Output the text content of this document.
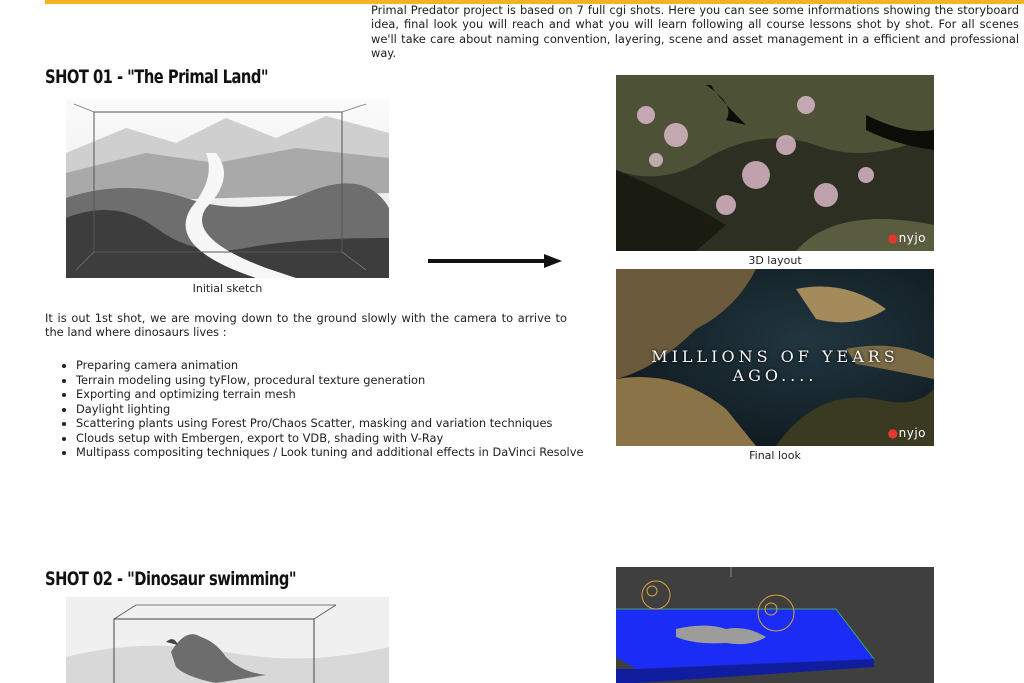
Primal Predator project is based on 7 full cgi shots. Here you can see some informations showing the storyboard idea, final look you will reach and what you will learn following all course lessons shot by shot. For all scenes we'll take care about naming convention, layering, scene and asset management in a efficient and professional way.
SHOT 01 - "The Primal Land"
Initial sketch
●nyjo
3D layout
MILLIONS OF YEARS AGO....
●nyjo
Final look
It is out 1st shot, we are moving down to the ground slowly with the camera to arrive to the land where dinosaurs lives :
• Preparing camera animation
• Terrain modeling using tyFlow, procedural texture generation
• Exporting and optimizing terrain mesh
• Daylight lighting
• Scattering plants using Forest Pro/Chaos Scatter, masking and variation techniques
• Clouds setup with Embergen, export to VDB, shading with V-Ray
• Multipass compositing techniques / Look tuning and additional effects in DaVinci Resolve
SHOT 02 - "Dinosaur swimming"
